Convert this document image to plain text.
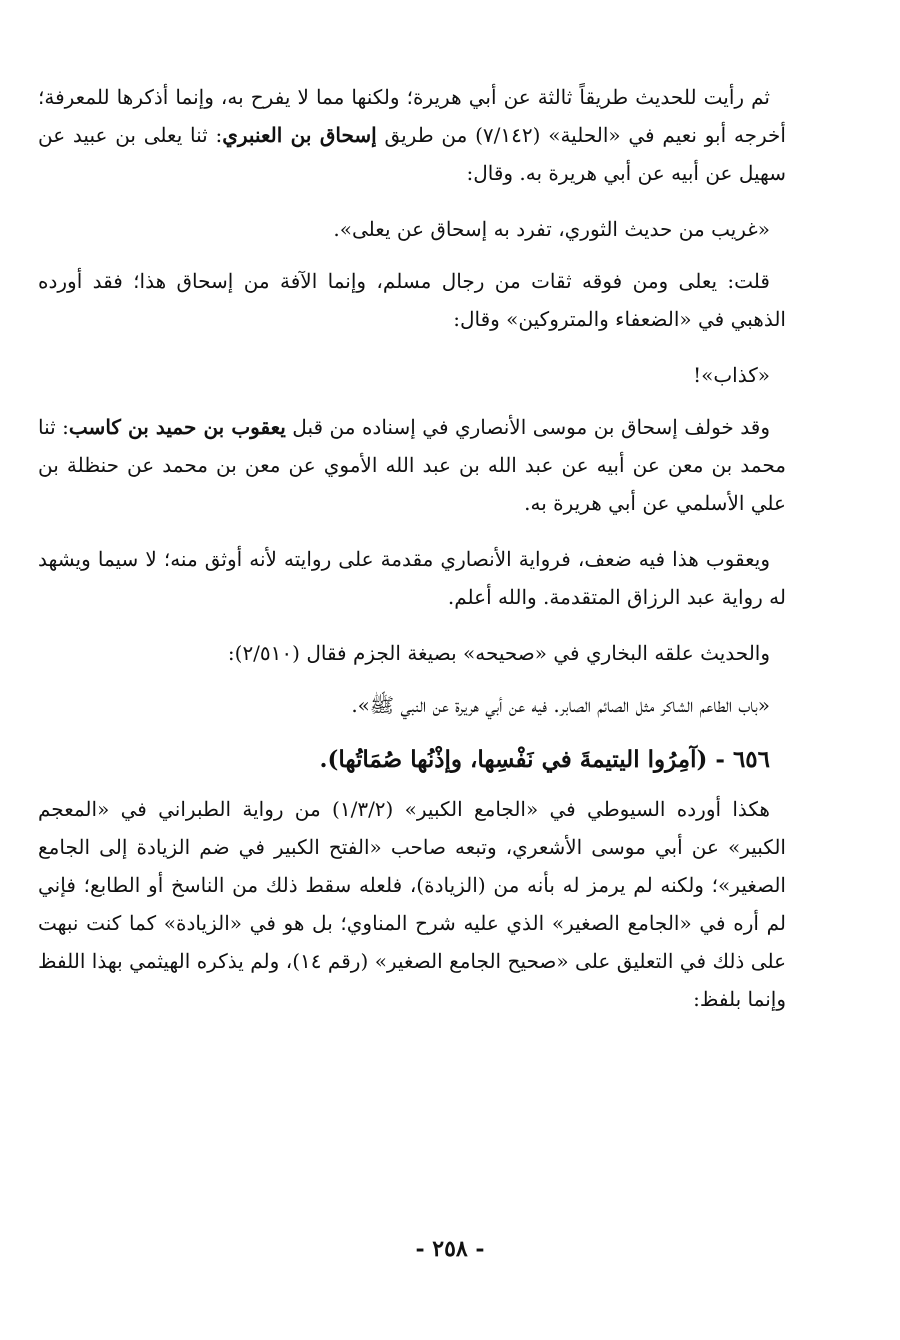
ثم رأيت للحديث طريقاً ثالثة عن أبي هريرة؛ ولكنها مما لا يفرح به، وإنما أذكرها للمعرفة؛ أخرجه أبو نعيم في «الحلية» (٧/١٤٢) من طريق إسحاق بن العنبري: ثنا يعلى بن عبيد عن سهيل عن أبيه عن أبي هريرة به. وقال:

«غريب من حديث الثوري، تفرد به إسحاق عن يعلى».

قلت: يعلى ومن فوقه ثقات من رجال مسلم، وإنما الآفة من إسحاق هذا؛ فقد أورده الذهبي في «الضعفاء والمتروكين» وقال:

«كذاب»!

وقد خولف إسحاق بن موسى الأنصاري في إسناده من قبل يعقوب بن حميد بن كاسب: ثنا محمد بن معن عن أبيه عن عبد الله بن عبد الله الأموي عن معن بن محمد عن حنظلة بن علي الأسلمي عن أبي هريرة به.

ويعقوب هذا فيه ضعف، فرواية الأنصاري مقدمة على روايته لأنه أوثق منه؛ لا سيما ويشهد له رواية عبد الرزاق المتقدمة. والله أعلم.

والحديث علقه البخاري في «صحيحه» بصيغة الجزم فقال (٢/٥١٠):

«باب الطاعم الشاكر مثل الصائم الصابر. فيه عن أبي هريرة عن النبي ﷺ».

٦٥٦ - (آمِرُوا اليتيمةَ في نَفْسِها، وإذْنُها صُمَاتُها).

هكذا أورده السيوطي في «الجامع الكبير» (١/٣/٢) من رواية الطبراني في «المعجم الكبير» عن أبي موسى الأشعري، وتبعه صاحب «الفتح الكبير في ضم الزيادة إلى الجامع الصغير»؛ ولكنه لم يرمز له بأنه من (الزيادة)، فلعله سقط ذلك من الناسخ أو الطابع؛ فإني لم أره في «الجامع الصغير» الذي عليه شرح المناوي؛ بل هو في «الزيادة» كما كنت نبهت على ذلك في التعليق على «صحيح الجامع الصغير» (رقم ١٤)، ولم يذكره الهيثمي بهذا اللفظ وإنما بلفظ:

- ٢٥٨ -
